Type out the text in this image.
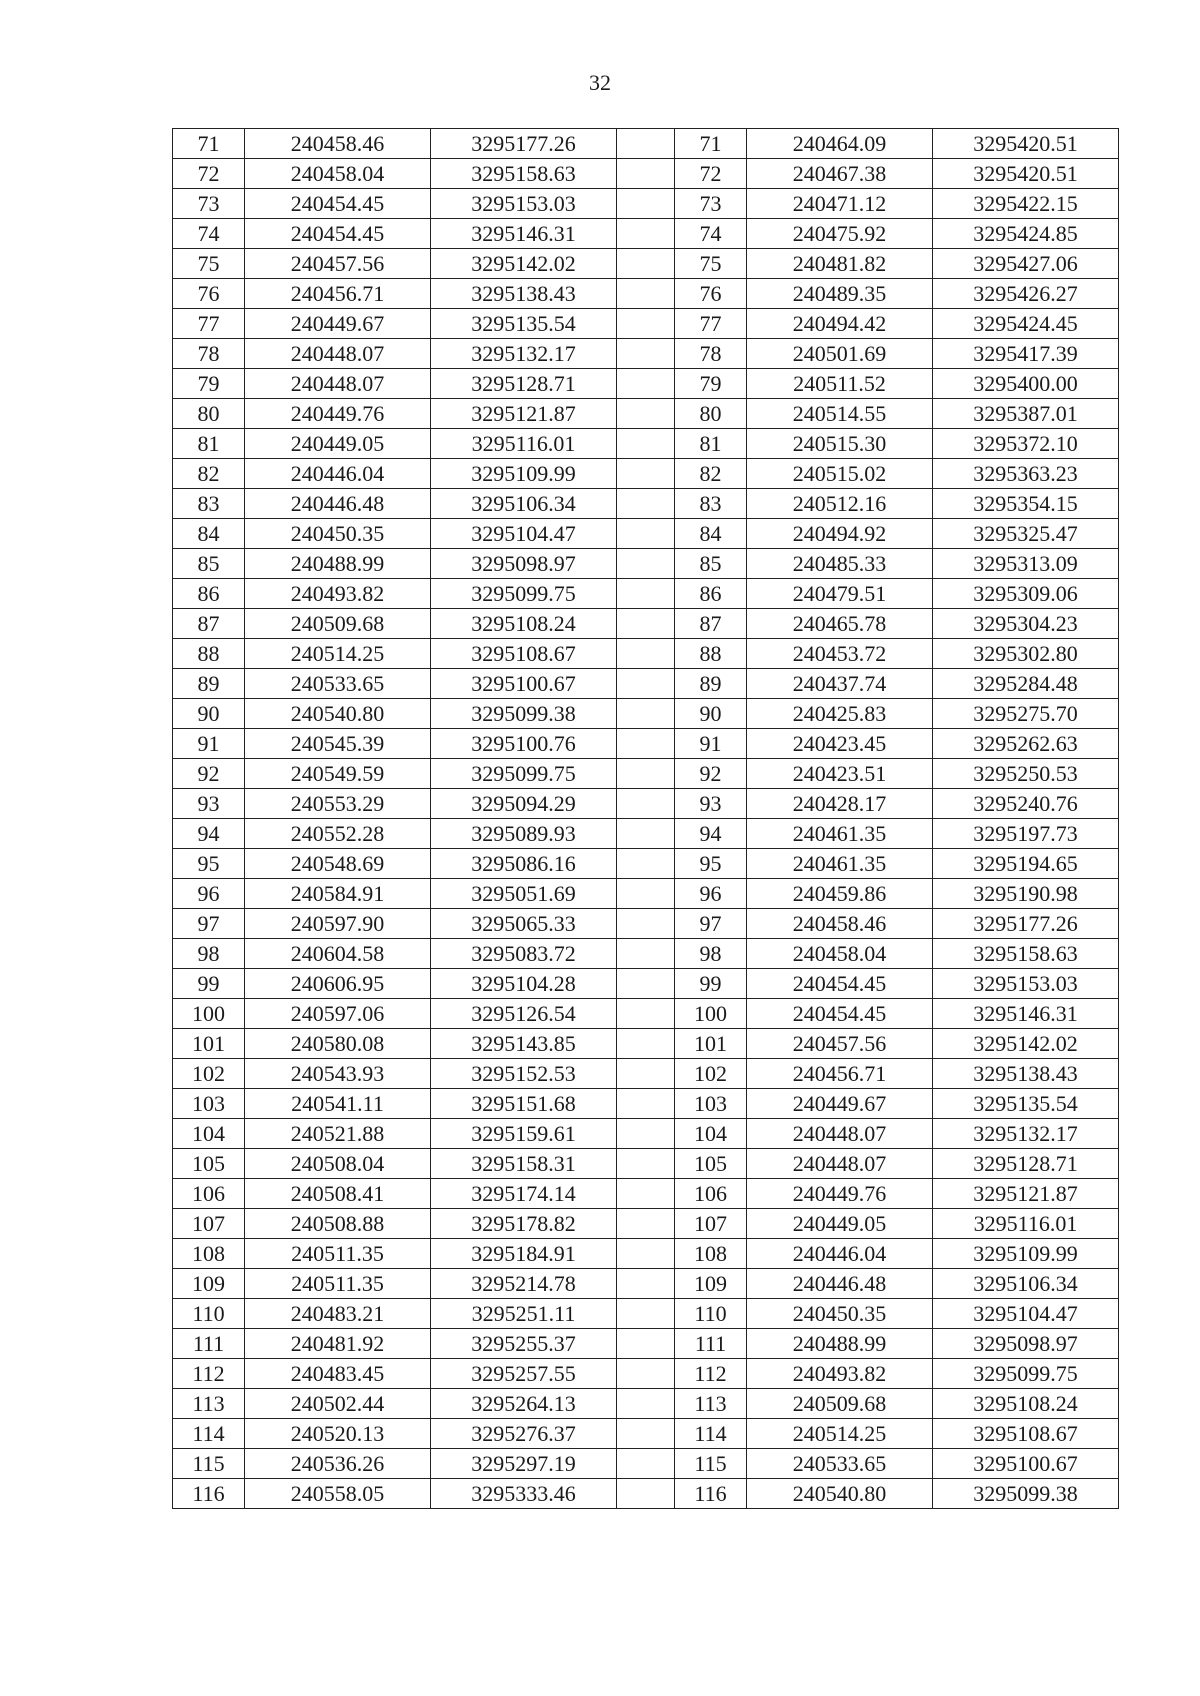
32
71	240458.46	3295177.26		71	240464.09	3295420.51
72	240458.04	3295158.63		72	240467.38	3295420.51
73	240454.45	3295153.03		73	240471.12	3295422.15
74	240454.45	3295146.31		74	240475.92	3295424.85
75	240457.56	3295142.02		75	240481.82	3295427.06
76	240456.71	3295138.43		76	240489.35	3295426.27
77	240449.67	3295135.54		77	240494.42	3295424.45
78	240448.07	3295132.17		78	240501.69	3295417.39
79	240448.07	3295128.71		79	240511.52	3295400.00
80	240449.76	3295121.87		80	240514.55	3295387.01
81	240449.05	3295116.01		81	240515.30	3295372.10
82	240446.04	3295109.99		82	240515.02	3295363.23
83	240446.48	3295106.34		83	240512.16	3295354.15
84	240450.35	3295104.47		84	240494.92	3295325.47
85	240488.99	3295098.97		85	240485.33	3295313.09
86	240493.82	3295099.75		86	240479.51	3295309.06
87	240509.68	3295108.24		87	240465.78	3295304.23
88	240514.25	3295108.67		88	240453.72	3295302.80
89	240533.65	3295100.67		89	240437.74	3295284.48
90	240540.80	3295099.38		90	240425.83	3295275.70
91	240545.39	3295100.76		91	240423.45	3295262.63
92	240549.59	3295099.75		92	240423.51	3295250.53
93	240553.29	3295094.29		93	240428.17	3295240.76
94	240552.28	3295089.93		94	240461.35	3295197.73
95	240548.69	3295086.16		95	240461.35	3295194.65
96	240584.91	3295051.69		96	240459.86	3295190.98
97	240597.90	3295065.33		97	240458.46	3295177.26
98	240604.58	3295083.72		98	240458.04	3295158.63
99	240606.95	3295104.28		99	240454.45	3295153.03
100	240597.06	3295126.54		100	240454.45	3295146.31
101	240580.08	3295143.85		101	240457.56	3295142.02
102	240543.93	3295152.53		102	240456.71	3295138.43
103	240541.11	3295151.68		103	240449.67	3295135.54
104	240521.88	3295159.61		104	240448.07	3295132.17
105	240508.04	3295158.31		105	240448.07	3295128.71
106	240508.41	3295174.14		106	240449.76	3295121.87
107	240508.88	3295178.82		107	240449.05	3295116.01
108	240511.35	3295184.91		108	240446.04	3295109.99
109	240511.35	3295214.78		109	240446.48	3295106.34
110	240483.21	3295251.11		110	240450.35	3295104.47
111	240481.92	3295255.37		111	240488.99	3295098.97
112	240483.45	3295257.55		112	240493.82	3295099.75
113	240502.44	3295264.13		113	240509.68	3295108.24
114	240520.13	3295276.37		114	240514.25	3295108.67
115	240536.26	3295297.19		115	240533.65	3295100.67
116	240558.05	3295333.46		116	240540.80	3295099.38
